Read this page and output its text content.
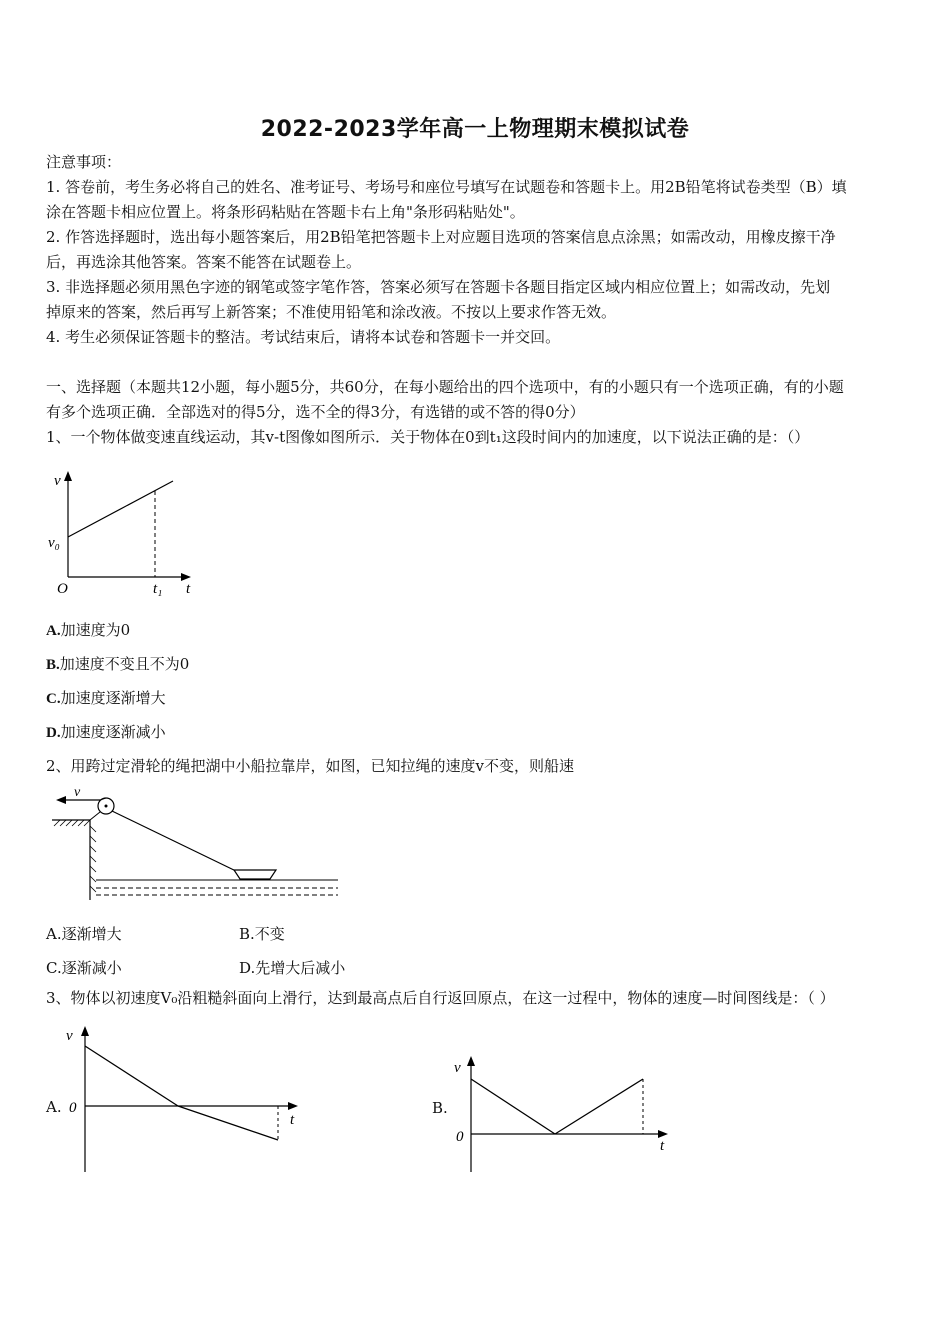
2022-2023学年高一上物理期末模拟试卷
注意事项：
1. 答卷前，考生务必将自己的姓名、准考证号、考场号和座位号填写在试题卷和答题卡上。用2B铅笔将试卷类型（B）填
涂在答题卡相应位置上。将条形码粘贴在答题卡右上角"条形码粘贴处"。
2. 作答选择题时，选出每小题答案后，用2B铅笔把答题卡上对应题目选项的答案信息点涂黑；如需改动，用橡皮擦干净
后，再选涂其他答案。答案不能答在试题卷上。
3. 非选择题必须用黑色字迹的钢笔或签字笔作答，答案必须写在答题卡各题目指定区域内相应位置上；如需改动，先划
掉原来的答案，然后再写上新答案；不准使用铅笔和涂改液。不按以上要求作答无效。
4. 考生必须保证答题卡的整洁。考试结束后，请将本试卷和答题卡一并交回。
一、选择题（本题共12小题，每小题5分，共60分，在每小题给出的四个选项中，有的小题只有一个选项正确，有的小题
有多个选项正确．全部选对的得5分，选不全的得3分，有选错的或不答的得0分）
1、一个物体做变速直线运动，其v-t图像如图所示．关于物体在0到t₁这段时间内的加速度，以下说法正确的是：（）
v
v₀
O	t₁ t
A.加速度为0
B.加速度不变且不为0
C.加速度逐渐增大
D.加速度逐渐减小
2、用跨过定滑轮的绳把湖中小船拉靠岸，如图，已知拉绳的速度v不变，则船速
v
A.逐渐增大	B.不变
C.逐渐减小	D.先增大后减小
3、物体以初速度V₀沿粗糙斜面向上滑行，达到最高点后自行返回原点，在这一过程中，物体的速度—时间图线是：（ ）
A.
v
0
t
B.
v
0
t
